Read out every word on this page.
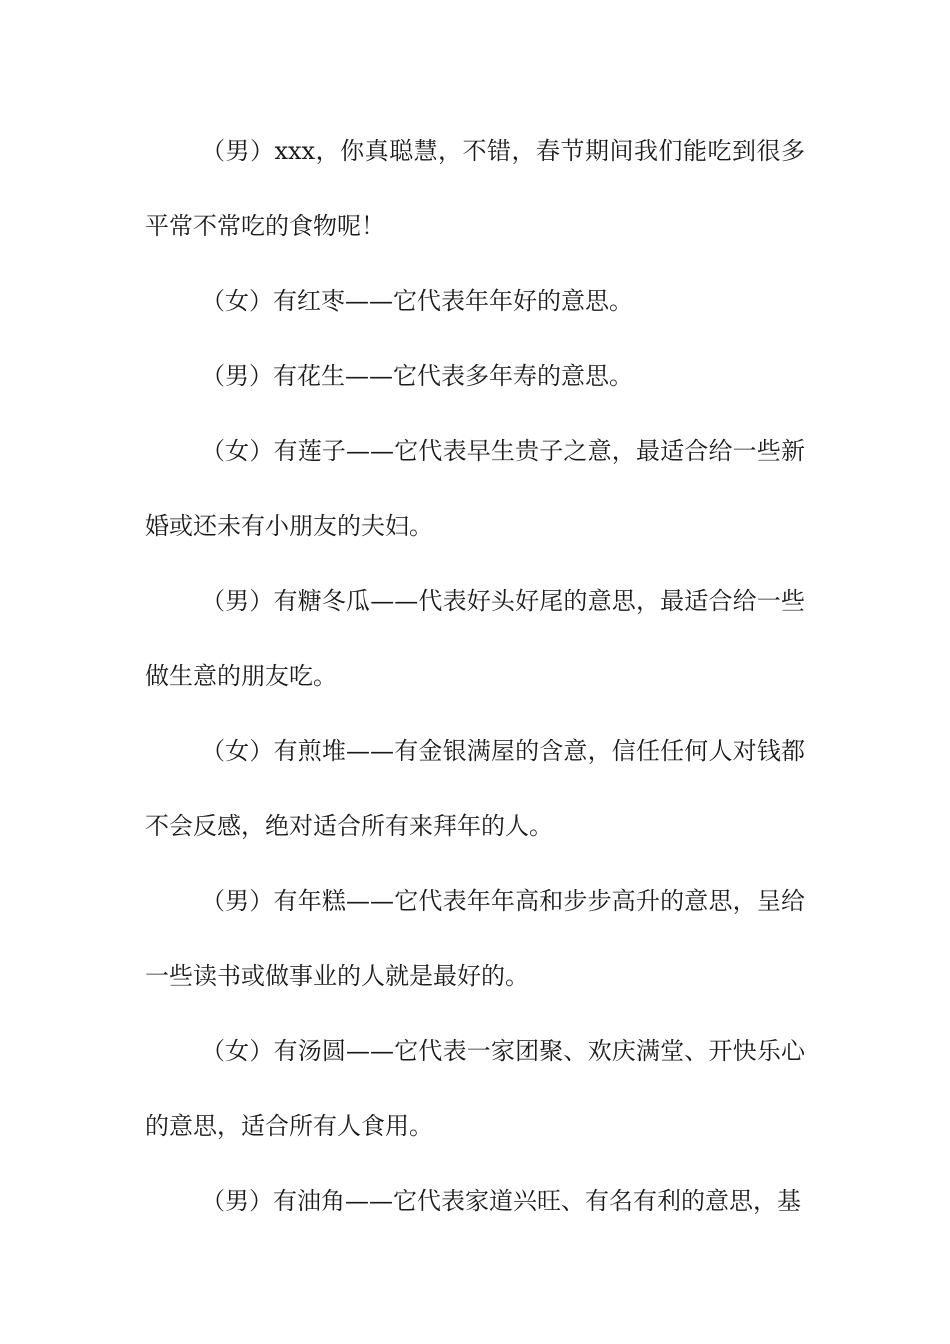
（男）xxx，你真聪慧，不错，春节期间我们能吃到很多平常不常吃的食物呢！

（女）有红枣——它代表年年好的意思。

（男）有花生——它代表多年寿的意思。

（女）有莲子——它代表早生贵子之意，最适合给一些新婚或还未有小朋友的夫妇。

（男）有糖冬瓜——代表好头好尾的意思，最适合给一些做生意的朋友吃。

（女）有煎堆——有金银满屋的含意，信任任何人对钱都不会反感，绝对适合所有来拜年的人。

（男）有年糕——它代表年年高和步步高升的意思，呈给一些读书或做事业的人就是最好的。

（女）有汤圆——它代表一家团聚、欢庆满堂、开快乐心的意思，适合所有人食用。

（男）有油角——它代表家道兴旺、有名有利的意思，基
